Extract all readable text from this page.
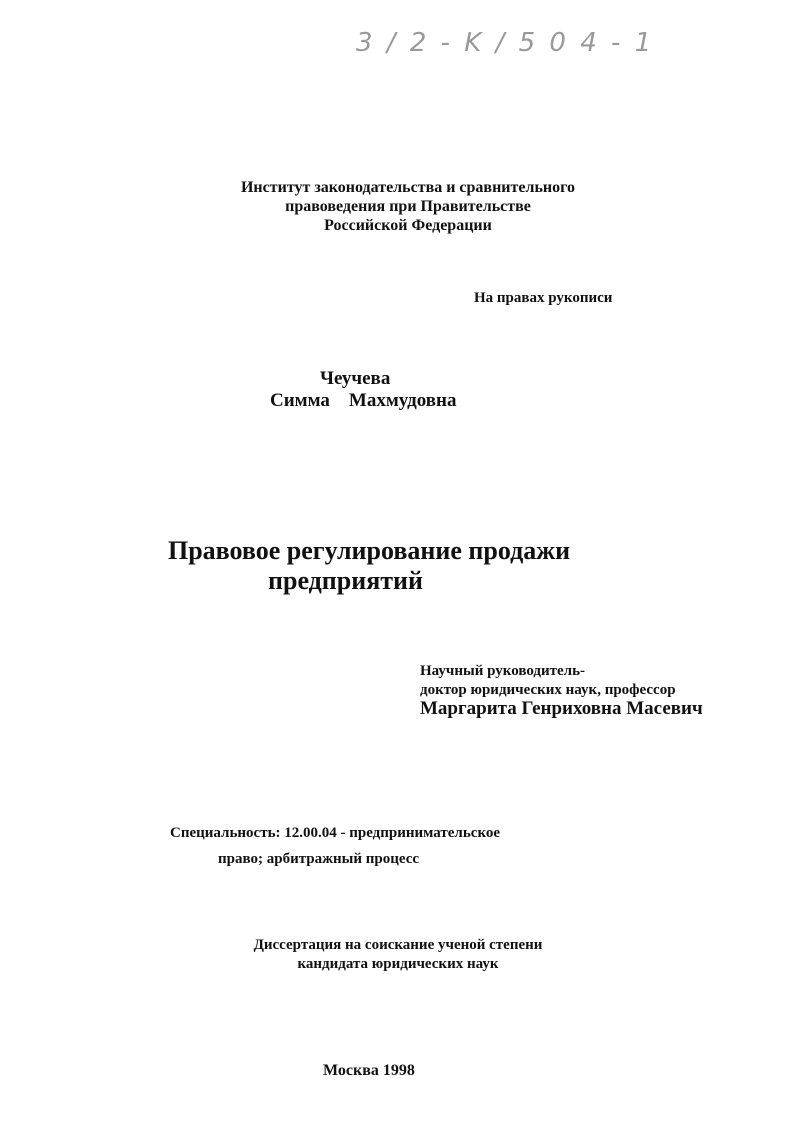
3 / 2 - K / 5 0 4 - 1
Институт законодательства и сравнительного
правоведения при Правительстве
Российской Федерации
На правах рукописи
Чеучева
Симма    Махмудовна
Правовое регулирование продажи
предприятий
Научный руководитель-
доктор юридических наук, профессор
Маргарита Генриховна Масевич
Специальность: 12.00.04 - предпринимательское
право; арбитражный процесс
Диссертация на соискание ученой степени
кандидата юридических наук
Москва 1998
